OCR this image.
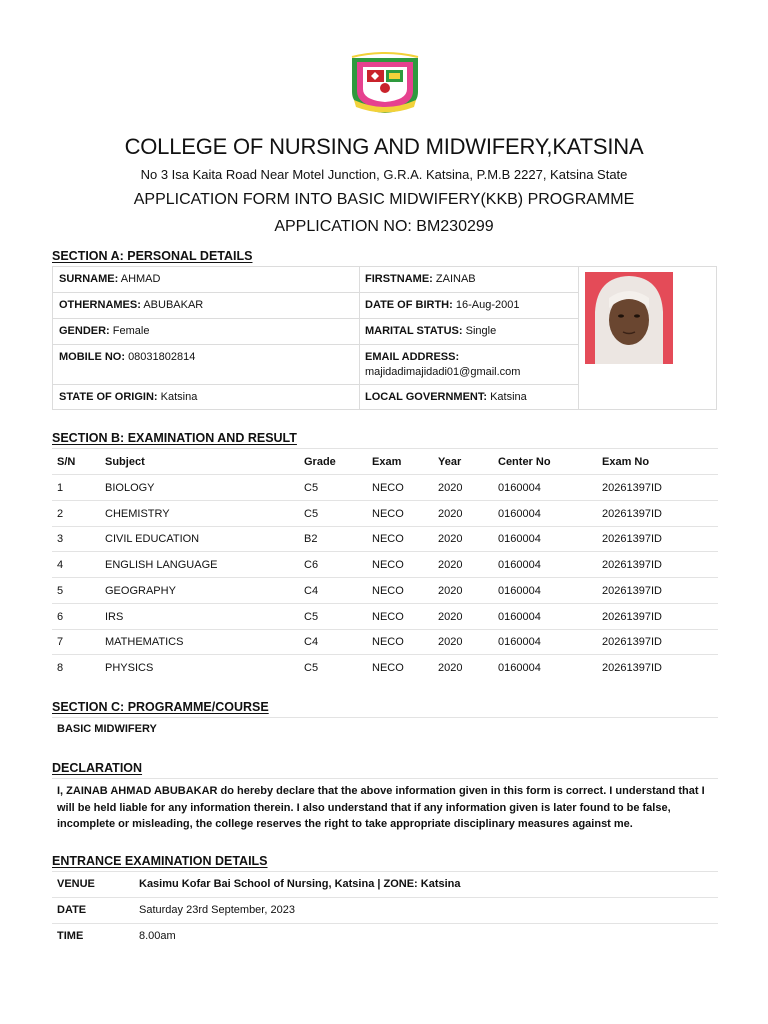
COLLEGE OF NURSING AND MIDWIFERY,KATSINA
No 3 Isa Kaita Road Near Motel Junction, G.R.A. Katsina, P.M.B 2227, Katsina State
APPLICATION FORM INTO BASIC MIDWIFERY(KKB) PROGRAMME
APPLICATION NO: BM230299
SECTION A: PERSONAL DETAILS
SURNAME: AHMAD	FIRSTNAME: ZAINAB
OTHERNAMES: ABUBAKAR	DATE OF BIRTH: 16-Aug-2001
GENDER: Female	MARITAL STATUS: Single
MOBILE NO: 08031802814	EMAIL ADDRESS:
majidadimajidadi01@gmail.com
STATE OF ORIGIN: Katsina	LOCAL GOVERNMENT: Katsina
SECTION B: EXAMINATION AND RESULT
S/N	Subject	Grade	Exam	Year	Center No	Exam No
1	BIOLOGY	C5	NECO	2020	0160004	20261397ID
2	CHEMISTRY	C5	NECO	2020	0160004	20261397ID
3	CIVIL EDUCATION	B2	NECO	2020	0160004	20261397ID
4	ENGLISH LANGUAGE	C6	NECO	2020	0160004	20261397ID
5	GEOGRAPHY	C4	NECO	2020	0160004	20261397ID
6	IRS	C5	NECO	2020	0160004	20261397ID
7	MATHEMATICS	C4	NECO	2020	0160004	20261397ID
8	PHYSICS	C5	NECO	2020	0160004	20261397ID
SECTION C: PROGRAMME/COURSE
BASIC MIDWIFERY
DECLARATION
I, ZAINAB AHMAD ABUBAKAR do hereby declare that the above information given in this form is correct. I understand that I will be held liable for any information therein. I also understand that if any information given is later found to be false, incomplete or misleading, the college reserves the right to take appropriate disciplinary measures against me.
ENTRANCE EXAMINATION DETAILS
VENUE	Kasimu Kofar Bai School of Nursing, Katsina | ZONE: Katsina
DATE	Saturday 23rd September, 2023
TIME	8.00am
